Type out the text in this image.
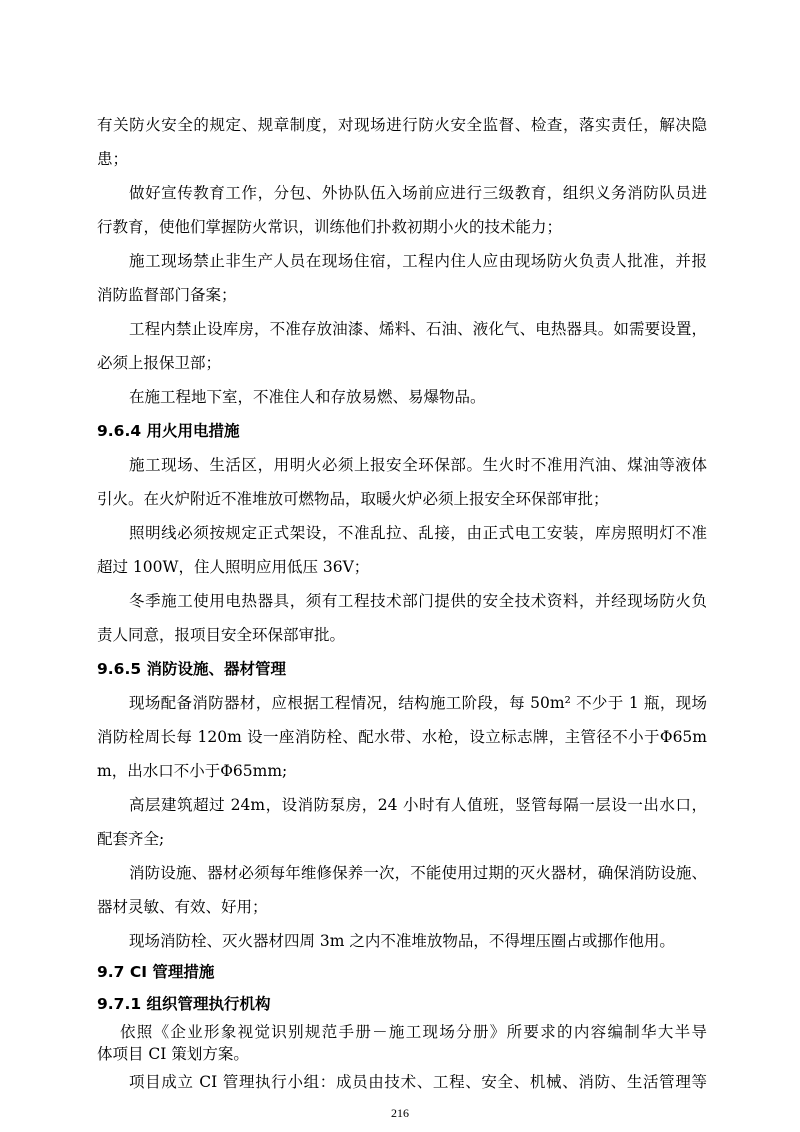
有关防火安全的规定、规章制度，对现场进行防火安全监督、检查，落实责任，解决隐
患；
做好宣传教育工作，分包、外协队伍入场前应进行三级教育，组织义务消防队员进
行教育，使他们掌握防火常识，训练他们扑救初期小火的技术能力；
施工现场禁止非生产人员在现场住宿，工程内住人应由现场防火负责人批准，并报
消防监督部门备案；
工程内禁止设库房，不准存放油漆、烯料、石油、液化气、电热器具。如需要设置，
必须上报保卫部；
在施工程地下室，不准住人和存放易燃、易爆物品。
9.6.4 用火用电措施
施工现场、生活区，用明火必须上报安全环保部。生火时不准用汽油、煤油等液体
引火。在火炉附近不准堆放可燃物品，取暖火炉必须上报安全环保部审批；
照明线必须按规定正式架设，不准乱拉、乱接，由正式电工安装，库房照明灯不准
超过 100W，住人照明应用低压 36V；
冬季施工使用电热器具，须有工程技术部门提供的安全技术资料，并经现场防火负
责人同意，报项目安全环保部审批。
9.6.5 消防设施、器材管理
现场配备消防器材，应根据工程情况，结构施工阶段，每 50m² 不少于 1 瓶，现场
消防栓周长每 120m 设一座消防栓、配水带、水枪，设立标志牌，主管径不小于Φ65m
m，出水口不小于Φ65mm;
高层建筑超过 24m，设消防泵房，24 小时有人值班，竖管每隔一层设一出水口，
配套齐全;
消防设施、器材必须每年维修保养一次，不能使用过期的灭火器材，确保消防设施、
器材灵敏、有效、好用；
现场消防栓、灭火器材四周 3m 之内不准堆放物品，不得埋压圈占或挪作他用。
9.7 CI 管理措施
9.7.1 组织管理执行机构
依照《企业形象视觉识别规范手册－施工现场分册》所要求的内容编制华大半导
体项目 CI 策划方案。
项目成立 CI 管理执行小组：成员由技术、工程、安全、机械、消防、生活管理等
216
